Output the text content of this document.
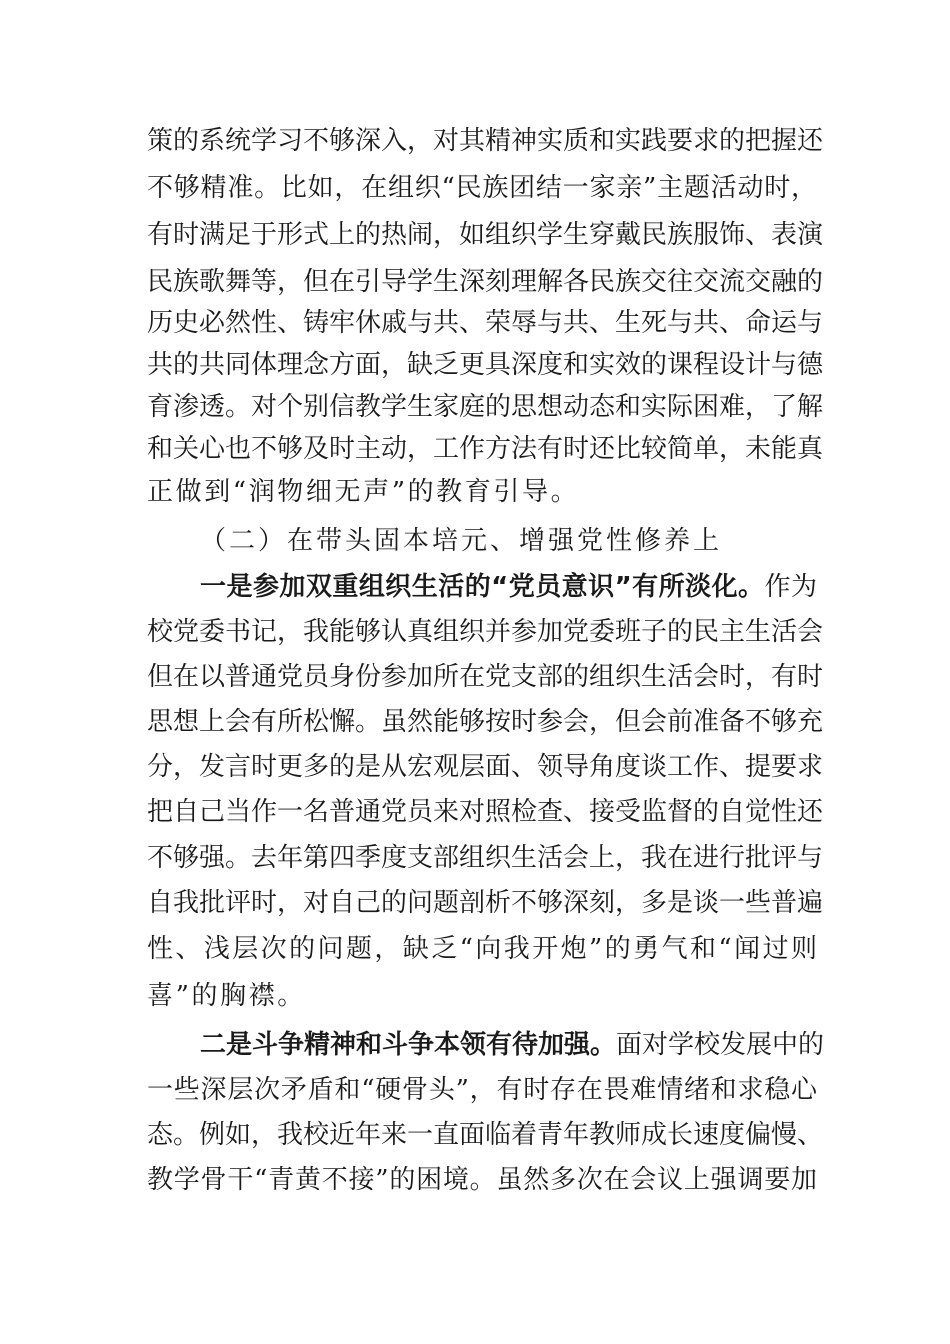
策的系统学习不够深入，对其精神实质和实践要求的把握还
不够精准。比如，在组织“民族团结一家亲”主题活动时，
有时满足于形式上的热闹，如组织学生穿戴民族服饰、表演
民族歌舞等，但在引导学生深刻理解各民族交往交流交融的
历史必然性、铸牢休戚与共、荣辱与共、生死与共、命运与
共的共同体理念方面，缺乏更具深度和实效的课程设计与德
育渗透。对个别信教学生家庭的思想动态和实际困难，了解
和关心也不够及时主动，工作方法有时还比较简单，未能真
正做到“润物细无声”的教育引导。
（二）在带头固本培元、增强党性修养上
一是参加双重组织生活的“党员意识”有所淡化。作为
校党委书记，我能够认真组织并参加党委班子的民主生活会
但在以普通党员身份参加所在党支部的组织生活会时，有时
思想上会有所松懈。虽然能够按时参会，但会前准备不够充
分，发言时更多的是从宏观层面、领导角度谈工作、提要求
把自己当作一名普通党员来对照检查、接受监督的自觉性还
不够强。去年第四季度支部组织生活会上，我在进行批评与
自我批评时，对自己的问题剖析不够深刻，多是谈一些普遍
性、浅层次的问题，缺乏“向我开炮”的勇气和“闻过则
喜”的胸襟。
二是斗争精神和斗争本领有待加强。面对学校发展中的
一些深层次矛盾和“硬骨头”，有时存在畏难情绪和求稳心
态。例如，我校近年来一直面临着青年教师成长速度偏慢、
教学骨干“青黄不接”的困境。虽然多次在会议上强调要加
